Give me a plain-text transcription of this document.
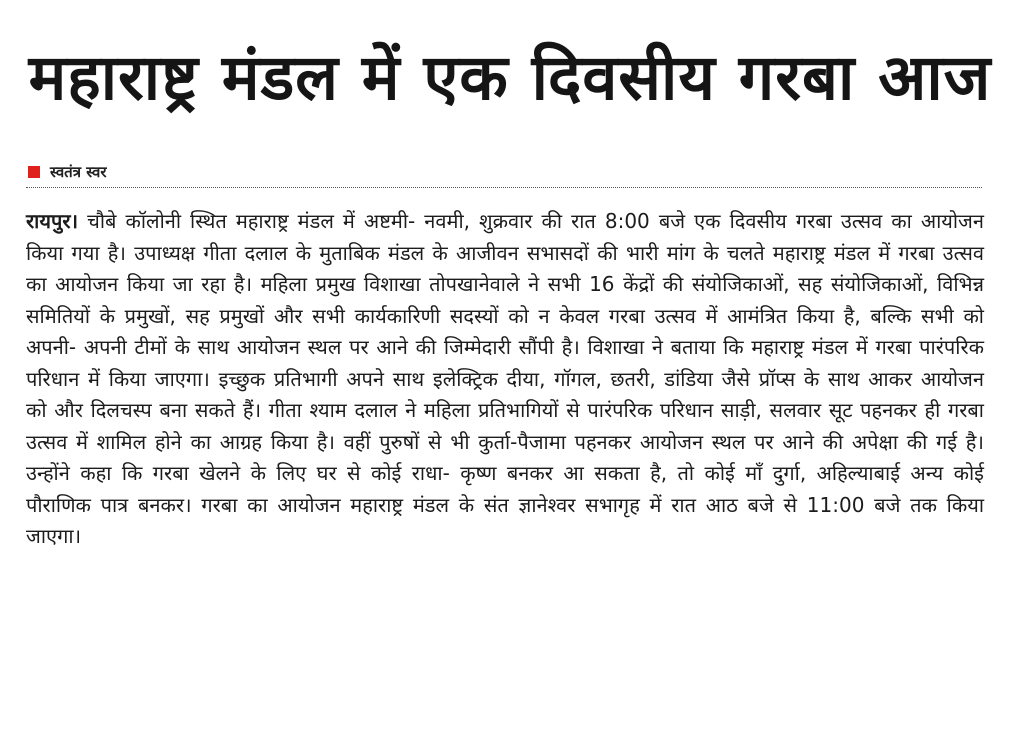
महाराष्ट्र मंडल में एक दिवसीय गरबा आज
स्वतंत्र स्वर

रायपुर। चौबे कॉलोनी स्थित महाराष्ट्र मंडल में अष्टमी- नवमी, शुक्रवार की रात 8:00 बजे एक दिवसीय गरबा उत्सव का आयोजन किया गया है। उपाध्यक्ष गीता दलाल के मुताबिक मंडल के आजीवन सभासदों की भारी मांग के चलते महाराष्ट्र मंडल में गरबा उत्सव का आयोजन किया जा रहा है। महिला प्रमुख विशाखा तोपखानेवाले ने सभी 16 केंद्रों की संयोजिकाओं, सह संयोजिकाओं, विभिन्न समितियों के प्रमुखों, सह प्रमुखों और सभी कार्यकारिणी सदस्यों को न केवल गरबा उत्सव में आमंत्रित किया है, बल्कि सभी को अपनी- अपनी टीमों के साथ आयोजन स्थल पर आने की जिम्मेदारी सौंपी है। विशाखा ने बताया कि महाराष्ट्र मंडल में गरबा पारंपरिक परिधान में किया जाएगा। इच्छुक प्रतिभागी अपने साथ इलेक्ट्रिक दीया, गॉगल, छतरी, डांडिया जैसे प्रॉप्स के साथ आकर आयोजन को और दिलचस्प बना सकते हैं। गीता श्याम दलाल ने महिला प्रतिभागियों से पारंपरिक परिधान साड़ी, सलवार सूट पहनकर ही गरबा उत्सव में शामिल होने का आग्रह किया है। वहीं पुरुषों से भी कुर्ता-पैजामा पहनकर आयोजन स्थल पर आने की अपेक्षा की गई है। उन्होंने कहा कि गरबा खेलने के लिए घर से कोई राधा- कृष्ण बनकर आ सकता है, तो कोई माँ दुर्गा, अहिल्याबाई अन्य कोई पौराणिक पात्र बनकर। गरबा का आयोजन महाराष्ट्र मंडल के संत ज्ञानेश्वर सभागृह में रात आठ बजे से 11:00 बजे तक किया जाएगा।
